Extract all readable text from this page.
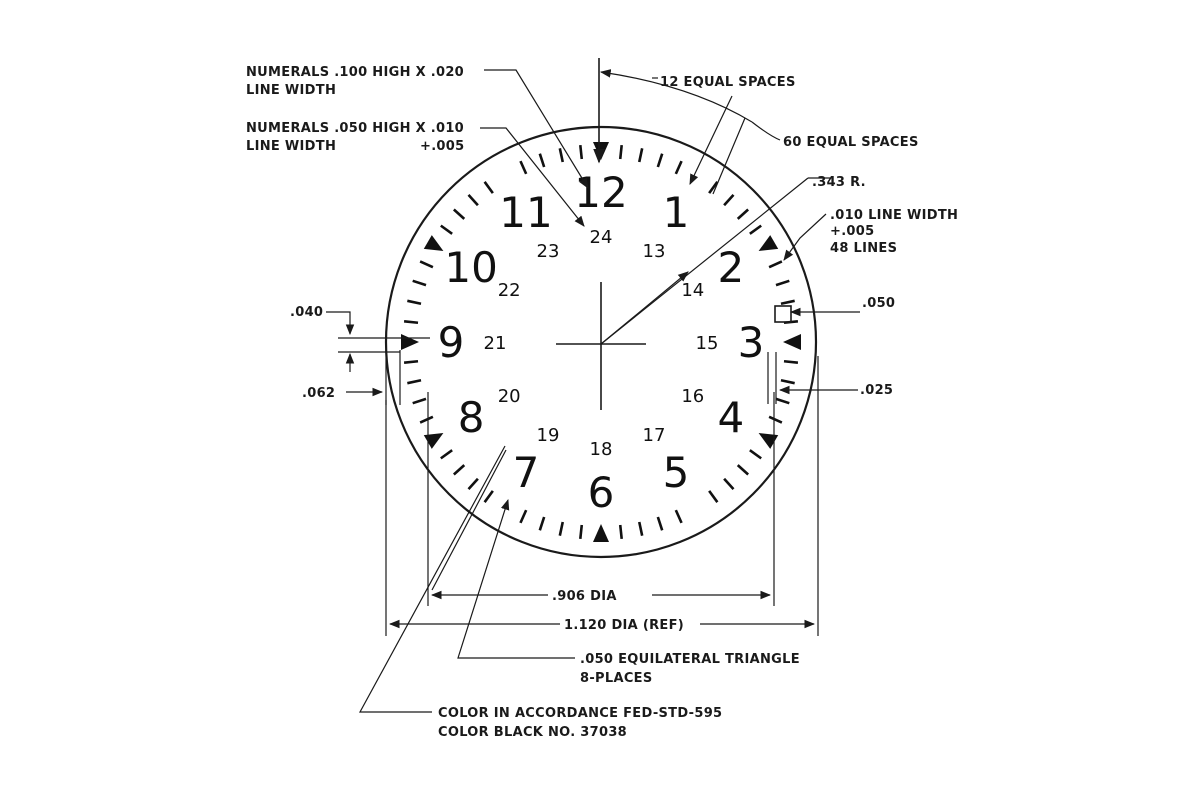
12 1
2
3
4
5
6
7
8
9
10
11
24
13
14
15
16
17
18
19
20
21
22
23
NUMERALS .100 HIGH X .020
LINE WIDTH
NUMERALS .050 HIGH X .010
LINE WIDTH	+.005
12 EQUAL SPACES
60 EQUAL SPACES
.343 R.
.010 LINE WIDTH
+.005
48 LINES
.050
.040
.062	.025
.906 DIA
1.120 DIA (REF)
.050 EQUILATERAL TRIANGLE
8-PLACES
COLOR IN ACCORDANCE FED-STD-595
COLOR BLACK NO. 37038
